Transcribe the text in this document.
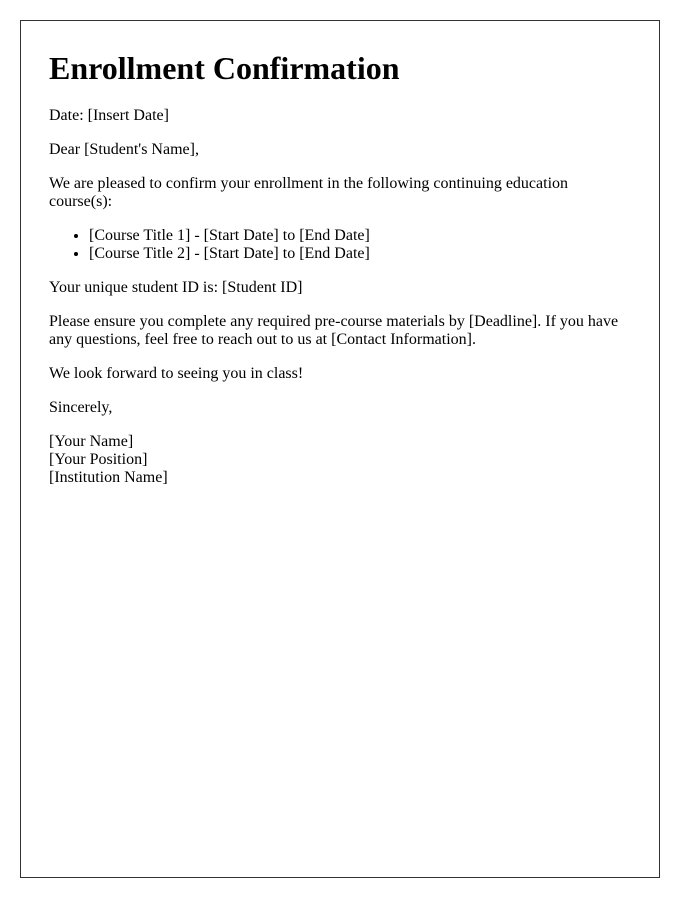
Enrollment Confirmation

Date: [Insert Date]

Dear [Student's Name],

We are pleased to confirm your enrollment in the following continuing education course(s):

• [Course Title 1] - [Start Date] to [End Date]
• [Course Title 2] - [Start Date] to [End Date]

Your unique student ID is: [Student ID]

Please ensure you complete any required pre-course materials by [Deadline]. If you have any questions, feel free to reach out to us at [Contact Information].

We look forward to seeing you in class!

Sincerely,

[Your Name]
[Your Position]
[Institution Name]
